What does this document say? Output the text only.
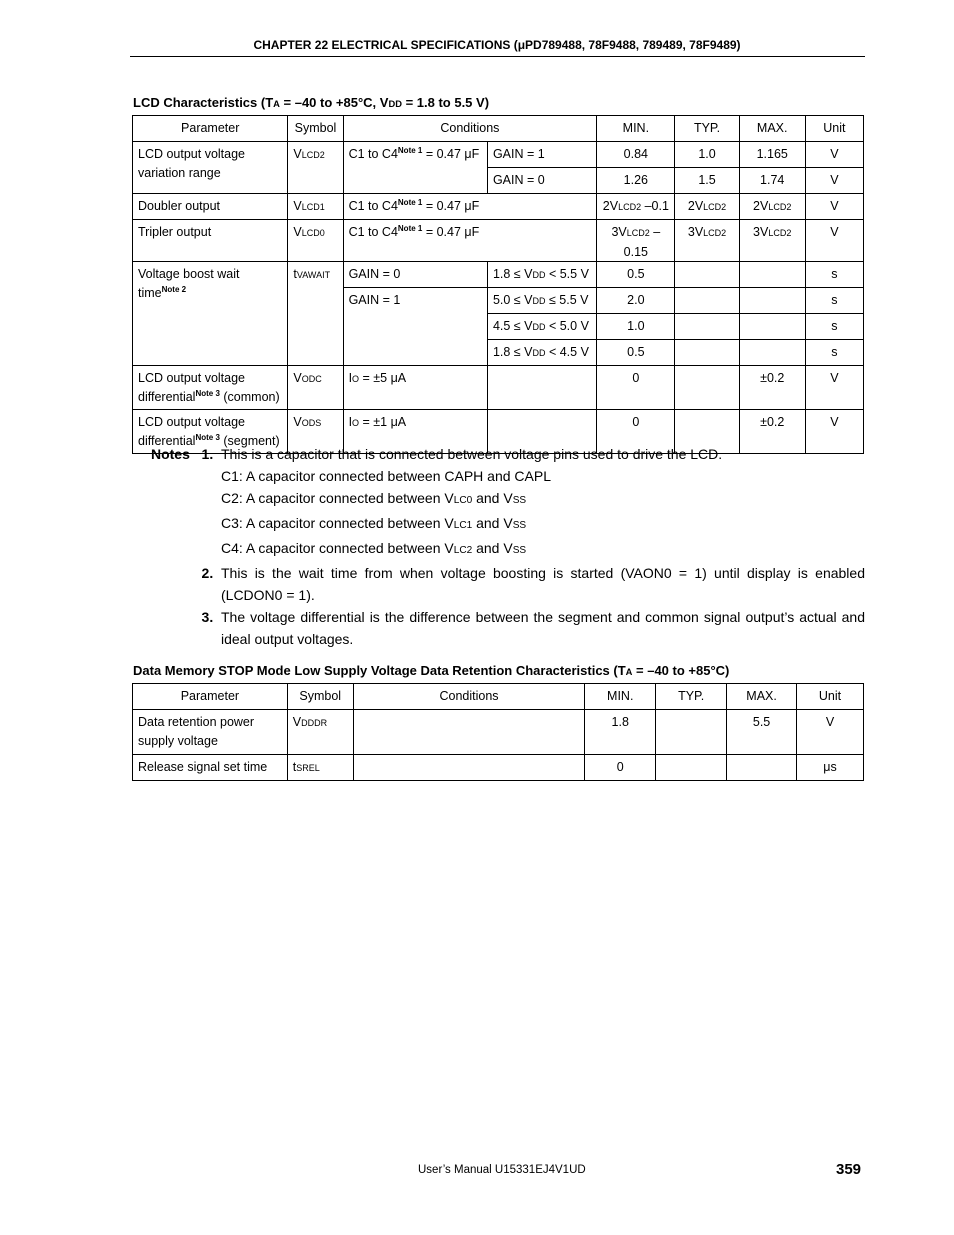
CHAPTER 22 ELECTRICAL SPECIFICATIONS (μPD789488, 78F9488, 789489, 78F9489)
LCD Characteristics (TA = –40 to +85°C, VDD = 1.8 to 5.5 V)
Parameter	Symbol	Conditions		MIN.	TYP.	MAX.	Unit
LCD output voltage variation range	VLCD2	C1 to C4$^{Note 1}$ = 0.47 μF	GAIN = 1	0.84	1.0	1.165	V
			GAIN = 0	1.26	1.5	1.74	V
Doubler output	VLCD1	C1 to C4$^{Note 1}$ = 0.47 μF		2VLCD2 –0.1	2VLCD2	2VLCD2	V
Tripler output	VLCD0	C1 to C4$^{Note 1}$ = 0.47 μF		3VLCD2 –0.15	3VLCD2	3VLCD2	V
Voltage boost wait time$^{Note 2}$	tVAWAIT	GAIN = 0	1.8 ≤ VDD < 5.5 V	0.5			s
		GAIN = 1	5.0 ≤ VDD ≤ 5.5 V	2.0			s
			4.5 ≤ VDD < 5.0 V	1.0			s
			1.8 ≤ VDD < 4.5 V	0.5			s
LCD output voltage differential$^{Note 3}$ (common)	VODC	IO = ±5 μA		0		±0.2	V
LCD output voltage differential$^{Note 3}$ (segment)	VODS	IO = ±1 μA		0		±0.2	V
Notes 1. This is a capacitor that is connected between voltage pins used to drive the LCD.
C1: A capacitor connected between CAPH and CAPL
C2: A capacitor connected between VLC0 and VSS
C3: A capacitor connected between VLC1 and VSS
C4: A capacitor connected between VLC2 and VSS
2. This is the wait time from when voltage boosting is started (VAON0 = 1) until display is enabled (LCDON0 = 1).
3. The voltage differential is the difference between the segment and common signal output’s actual and ideal output voltages.
Data Memory STOP Mode Low Supply Voltage Data Retention Characteristics (TA = –40 to +85°C)
Parameter	Symbol	Conditions	MIN.	TYP.	MAX.	Unit
Data retention power supply voltage	VDDDR		1.8		5.5	V
Release signal set time	tSREL		0			μs
User’s Manual U15331EJ4V1UD	359
